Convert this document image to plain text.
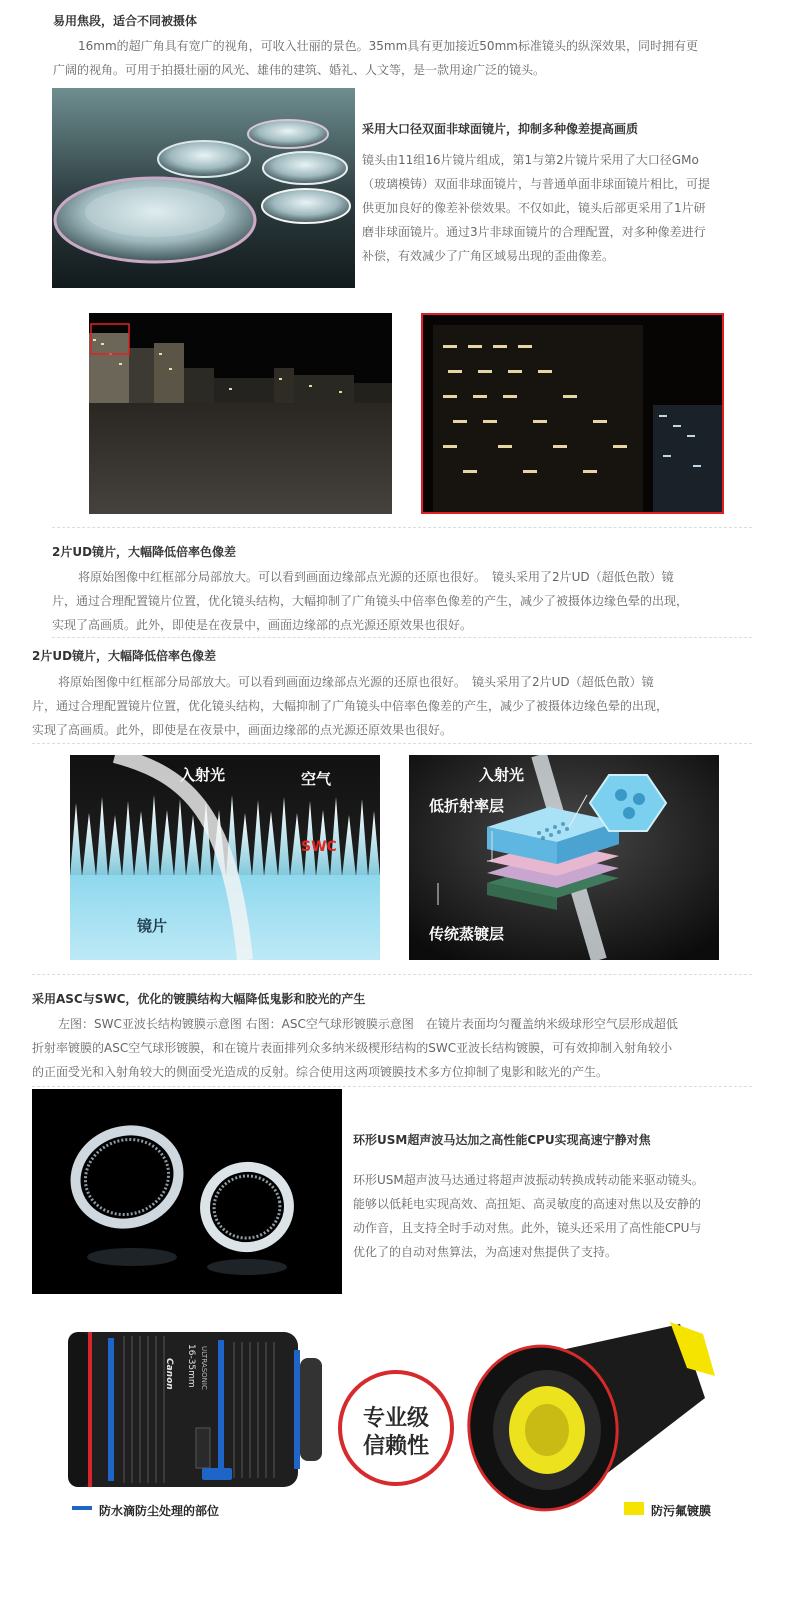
易用焦段，适合不同被摄体
16mm的超广角具有宽广的视角，可收入壮丽的景色。35mm具有更加接近50mm标准镜头的纵深效果，同时拥有更
广阔的视角。可用于拍摄壮丽的风光、雄伟的建筑、婚礼、人文等，是一款用途广泛的镜头。
采用大口径双面非球面镜片，抑制多种像差提高画质
镜头由11组16片镜片组成，第1与第2片镜片采用了大口径GMo
（玻璃模铸）双面非球面镜片，与普通单面非球面镜片相比，可提
供更加良好的像差补偿效果。不仅如此，镜头后部更采用了1片研
磨非球面镜片。通过3片非球面镜片的合理配置，对多种像差进行
补偿，有效减少了广角区域易出现的歪曲像差。
2片UD镜片，大幅降低倍率色像差
将原始图像中红框部分局部放大。可以看到画面边缘部点光源的还原也很好。　镜头采用了2片UD（超低色散）镜
片，通过合理配置镜片位置，优化镜头结构，大幅抑制了广角镜头中倍率色像差的产生，减少了被摄体边缘色晕的出现，
实现了高画质。此外，即使是在夜景中，画面边缘部的点光源还原效果也很好。
2片UD镜片，大幅降低倍率色像差
将原始图像中红框部分局部放大。可以看到画面边缘部点光源的还原也很好。　镜头采用了2片UD（超低色散）镜
片，通过合理配置镜片位置，优化镜头结构，大幅抑制了广角镜头中倍率色像差的产生，减少了被摄体边缘色晕的出现，
实现了高画质。此外，即使是在夜景中，画面边缘部的点光源还原效果也很好。
入射光	空气
SWC
镜片
入射光
低折射率层
传统蒸镀层
采用ASC与SWC，优化的镀膜结构大幅降低鬼影和胶光的产生
左图：SWC亚波长结构镀膜示意图 右图：ASC空气球形镀膜示意图　在镜片表面均匀覆盖纳米级球形空气层形成超低
折射率镀膜的ASC空气球形镀膜，和在镜片表面排列众多纳米级楔形结构的SWC亚波长结构镀膜，可有效抑制入射角较小
的正面受光和入射角较大的侧面受光造成的反射。综合使用这两项镀膜技术多方位抑制了鬼影和眩光的产生。
环形USM超声波马达加之高性能CPU实现高速宁静对焦
环形USM超声波马达通过将超声波振动转换成转动能来驱动镜头。
能够以低耗电实现高效、高扭矩、高灵敏度的高速对焦以及安静的
动作音，且支持全时手动对焦。此外，镜头还采用了高性能CPU与
优化了的自动对焦算法，为高速对焦提供了支持。
Canon 16-35mm ULTRASONIC
专业级
信赖性
防水滴防尘处理的部位	防污氟镀膜
